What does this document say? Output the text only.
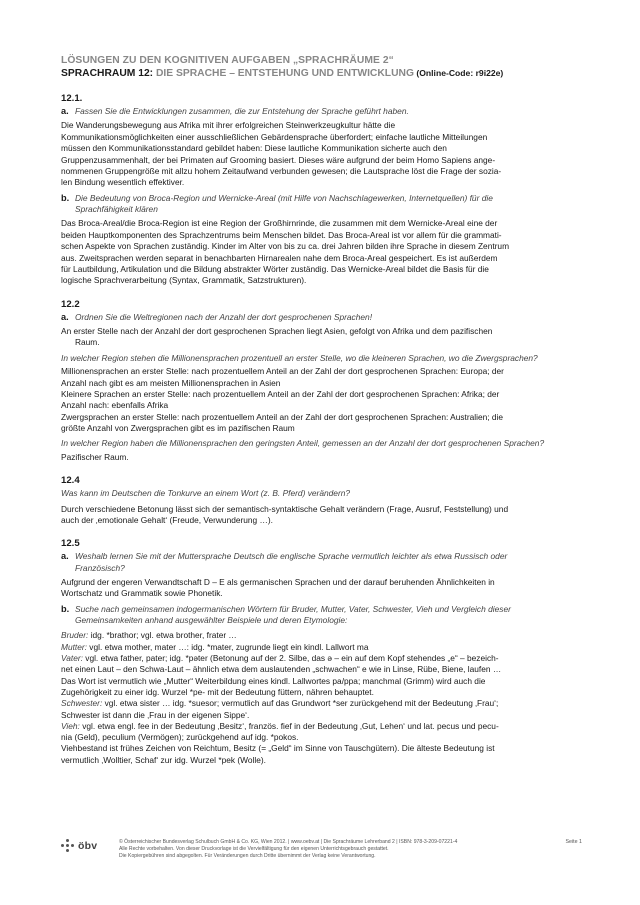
LÖSUNGEN ZU DEN KOGNITIVEN AUFGABEN „SPRACHRÄUME 2“
SPRACHRAUM 12: DIE SPRACHE – ENTSTEHUNG UND ENTWICKLUNG (Online-Code: r9i22e)
12.1.
a. Fassen Sie die Entwicklungen zusammen, die zur Entstehung der Sprache geführt haben.
Die Wanderungsbewegung aus Afrika mit ihrer erfolgreichen Steinwerkzeugkultur hätte die
Kommunikationsmöglichkeiten einer ausschließlichen Gebärdensprache überfordert; einfache lautliche Mitteilungen
müssen den Kommunikationsstandard gebildet haben: Diese lautliche Kommunikation sicherte auch den
Gruppenzusammenhalt, der bei Primaten auf Grooming basiert. Dieses wäre aufgrund der beim Homo Sapiens ange-
nommenen Gruppengröße mit allzu hohem Zeitaufwand verbunden gewesen; die Lautsprache löst die Frage der sozia-
len Bindung wesentlich effektiver.
b. Die Bedeutung von Broca-Region und Wernicke-Areal (mit Hilfe von Nachschlagewerken, Internetquellen) für die
Sprachfähigkeit klären
Das Broca-Areal/die Broca-Region ist eine Region der Großhirnrinde, die zusammen mit dem Wernicke-Areal eine der
beiden Hauptkomponenten des Sprachzentrums beim Menschen bildet. Das Broca-Areal ist vor allem für die grammati-
schen Aspekte von Sprachen zuständig. Kinder im Alter von bis zu ca. drei Jahren bilden ihre Sprache in diesem Zentrum
aus. Zweitsprachen werden separat in benachbarten Hirnarealen nahe dem Broca-Areal gespeichert. Es ist außerdem
für Lautbildung, Artikulation und die Bildung abstrakter Wörter zuständig. Das Wernicke-Areal bildet die Basis für die
logische Sprachverarbeitung (Syntax, Grammatik, Satzstrukturen).
12.2
a. Ordnen Sie die Weltregionen nach der Anzahl der dort gesprochenen Sprachen!
An erster Stelle nach der Anzahl der dort gesprochenen Sprachen liegt Asien, gefolgt von Afrika und dem pazifischen
Raum.
In welcher Region stehen die Millionensprachen prozentuell an erster Stelle, wo die kleineren Sprachen, wo die Zwergsprachen?
Millionensprachen an erster Stelle: nach prozentuellem Anteil an der Zahl der dort gesprochenen Sprachen: Europa; der
Anzahl nach gibt es am meisten Millionensprachen in Asien
Kleinere Sprachen an erster Stelle: nach prozentuellem Anteil an der Zahl der dort gesprochenen Sprachen: Afrika; der
Anzahl nach: ebenfalls Afrika
Zwergsprachen an erster Stelle: nach prozentuellem Anteil an der Zahl der dort gesprochenen Sprachen: Australien; die
größte Anzahl von Zwergsprachen gibt es im pazifischen Raum
In welcher Region haben die Millionensprachen den geringsten Anteil, gemessen an der Anzahl der dort gesprochenen Sprachen?
Pazifischer Raum.
12.4
Was kann im Deutschen die Tonkurve an einem Wort (z. B. Pferd) verändern?
Durch verschiedene Betonung lässt sich der semantisch-syntaktische Gehalt verändern (Frage, Ausruf, Feststellung) und
auch der ‚emotionale Gehalt‘ (Freude, Verwunderung …).
12.5
a. Weshalb lernen Sie mit der Muttersprache Deutsch die englische Sprache vermutlich leichter als etwa Russisch oder
Französisch?
Aufgrund der engeren Verwandtschaft D – E als germanischen Sprachen und der darauf beruhenden Ähnlichkeiten in
Wortschatz und Grammatik sowie Phonetik.
b. Suche nach gemeinsamen indogermanischen Wörtern für Bruder, Mutter, Vater, Schwester, Vieh und Vergleich dieser
Gemeinsamkeiten anhand ausgewählter Beispiele und deren Etymologie:
Bruder: idg. *brathor; vgl. etwa brother, frater …
Mutter: vgl. etwa mother, mater …: idg. *mater, zugrunde liegt ein kindl. Lallwort ma
Vater: vgl. etwa father, pater; idg. *pǝter (Betonung auf der 2. Silbe, das ǝ – ein auf dem Kopf stehendes „e“ – bezeich-
net einen Laut – den Schwa-Laut – ähnlich etwa dem auslautenden „schwachen“ e wie in Linse, Rübe, Biene, laufen …
Das Wort ist vermutlich wie „Mutter“ Weiterbildung eines kindl. Lallwortes pa/ppa; manchmal (Grimm) wird auch die
Zugehörigkeit zu einer idg. Wurzel *pe- mit der Bedeutung füttern, nähren behauptet.
Schwester: vgl. etwa sister … idg. *suesor; vermutlich auf das Grundwort *ser zurückgehend mit der Bedeutung ‚Frau‘;
Schwester ist dann die ‚Frau in der eigenen Sippe‘.
Vieh: vgl. etwa engl. fee in der Bedeutung ‚Besitz‘, französ. fief in der Bedeutung ‚Gut, Lehen‘ und lat. pecus und pecu-
nia (Geld), peculium (Vermögen); zurückgehend auf idg. *pokos.
Viehbestand ist frühes Zeichen von Reichtum, Besitz (= „Geld“ im Sinne von Tauschgütern). Die älteste Bedeutung ist
vermutlich ‚Wolltier, Schaf‘ zur idg. Wurzel *pek (Wolle).
öbv	© Österreichischer Bundesverlag Schulbuch GmbH & Co. KG, Wien 2012. | www.oebv.at | Die Sprachräume Lehrerband 2 | ISBN: 978-3-209-07221-4
Alle Rechte vorbehalten. Von dieser Druckvorlage ist die Vervielfältigung für den eigenen Unterrichtsgebrauch gestattet.
Die Kopiergebühren sind abgegolten. Für Veränderungen durch Dritte übernimmt der Verlag keine Verantwortung.
Seite 1
